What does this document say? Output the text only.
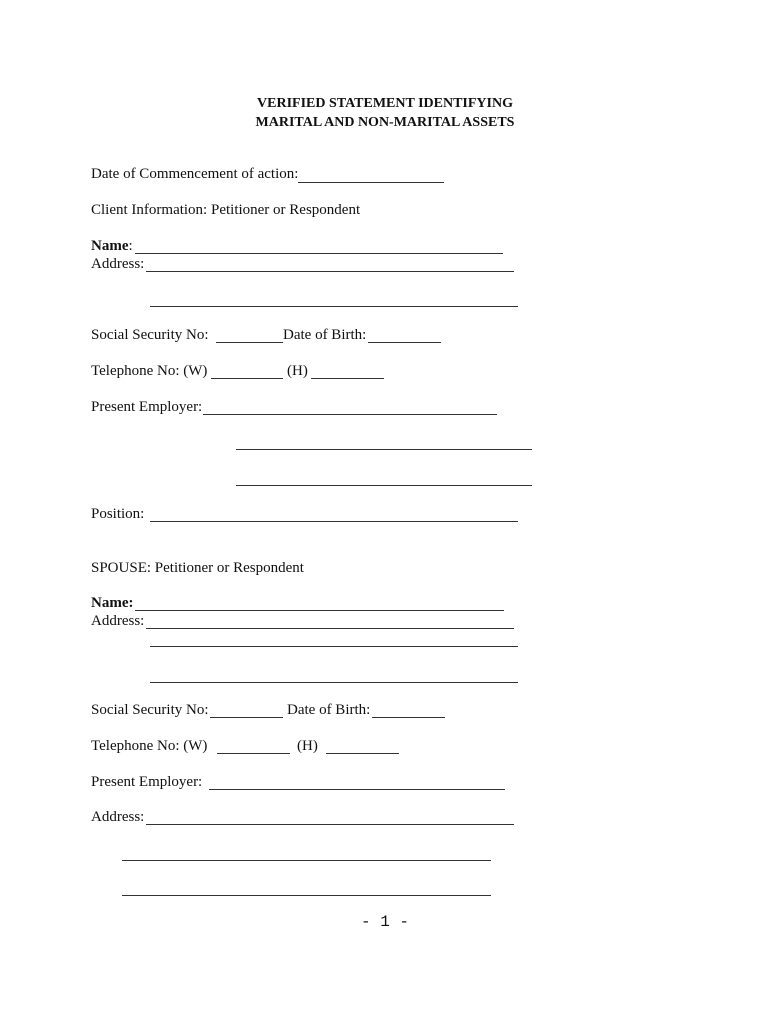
VERIFIED STATEMENT IDENTIFYING
MARITAL AND NON-MARITAL ASSETS
Date of Commencement of action:
Client Information: Petitioner or Respondent
Name:
Address:
Social Security No:	Date of Birth:
Telephone No: (W)	(H)
Present Employer:
Position:
SPOUSE: Petitioner or Respondent
Name:
Address:
Social Security No:	Date of Birth:
Telephone No: (W)	(H)
Present Employer:
Address:
- 1 -
